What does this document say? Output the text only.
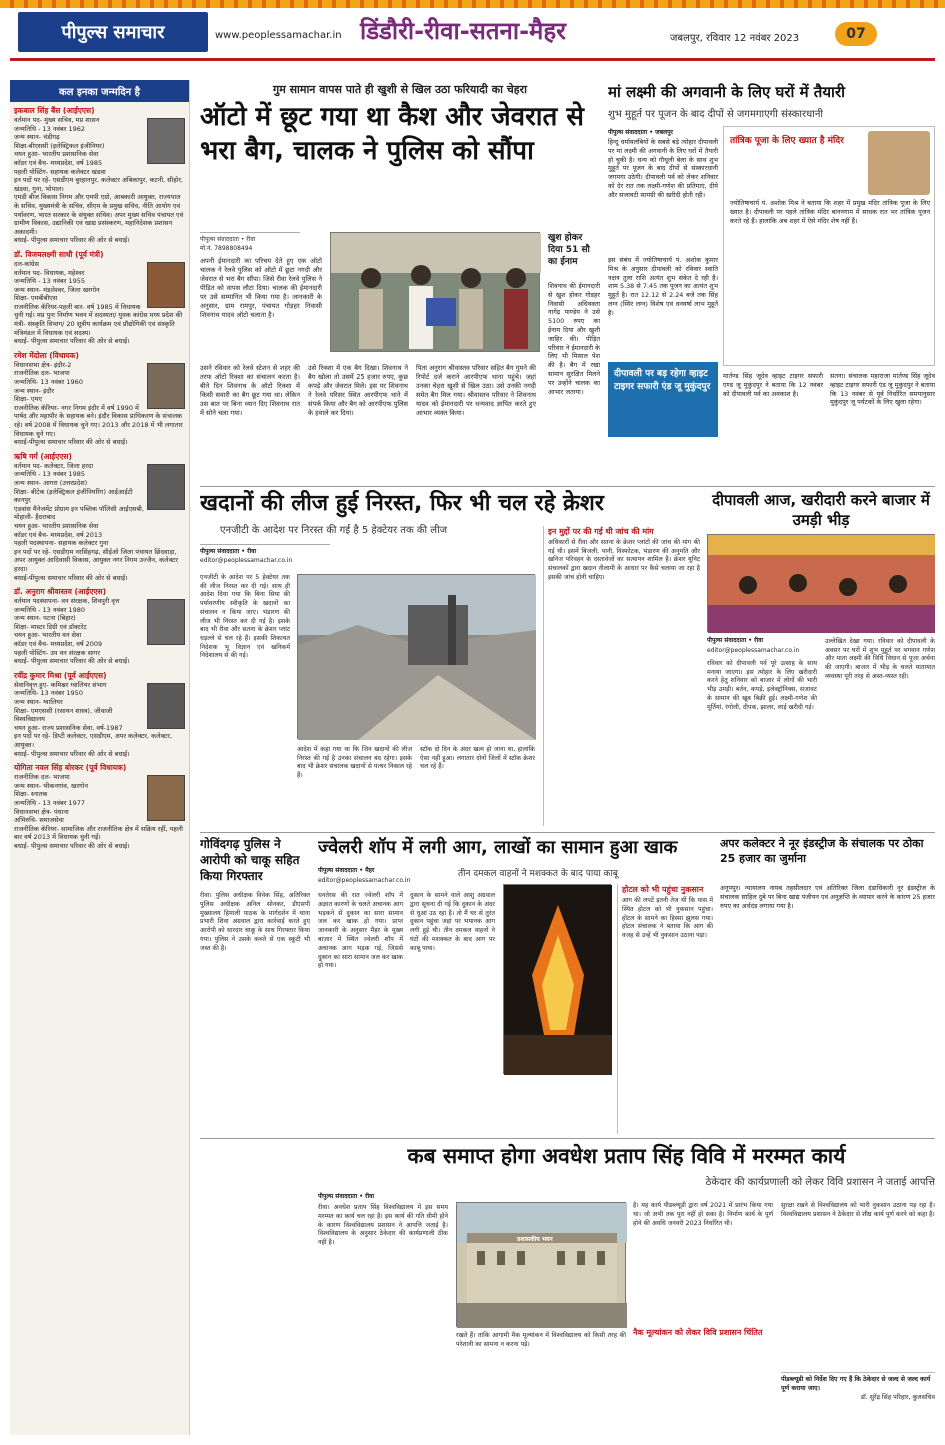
पीपुल्स समाचार	www.peoplessamachar.in डिंडौरी-रीवा-सतना-मैहर	जबलपुर, रविवार 12 नवंबर 2023	07
कल इनका जन्मदिन है
इकबाल सिंह बैंस (आईएएस)
वर्तमान पद- मुख्य सचिव, मप्र शासन
जन्मतिथि - 13 नवंबर 1962
जन्म स्थान- चंडीगढ़
शिक्षा-बीएससी (इलेक्ट्रिकल इंजीनियर)
चयन हुआ- भारतीय प्रशासनिक सेवा
कॉडर एवं बैच- मध्यप्रदेश, वर्ष 1985
पहली पोस्टिंग- सहायक कलेक्टर खंडवा
इन पदों पर रहे- एसडीएम बुरहानपुर, कलेक्टर अंबिकापुर, कटनी, सीहोर, खंडवा, गुना, भोपाल।
एमडी बीज विकास निगम और एमपी एग्रो, आबकारी आयुक्त, राज्यपाल के सचिव, मुख्यमंत्री के सचिव, सीएम के प्रमुख सचिव, नीति आयोग एवं पर्यावरण, भारत सरकार के संयुक्त सचिव। अपर मुख्य सचिव पंचायत एवं ग्रामीण विकास, उद्यानिकी एवं खाद्य प्रसंस्करण, महानिदेशक प्रशासन अकादमी।
बधाई- पीपुल्स समाचार परिवार की ओर से बधाई।
डॉ. विजयलक्ष्मी साधौ (पूर्व मंत्री)
दल-कांग्रेस
वर्तमान पद- विधायक, महेश्वर
जन्मतिथि - 13 नवंबर 1955
जन्म स्थान- मंडलेश्वर, जिला खरगोन
शिक्षा- एमबीबीएस
राजनीतिक कॅरियर-पहली बार- वर्ष 1985 में विधायक चुनी गई। मप्र पुनः निर्माण भवन में सदस्यता/ युवक कांग्रेस मध्य प्रदेश की मंत्री- संस्कृति विभाग/ 20 सूत्रीय कार्यक्रम एवं प्रौद्योगिकी एवं संस्कृति मंत्रिमंडल में विधायक एवं सदस्य।
बधाई- पीपुल्स समाचार परिवार की ओर से बधाई।
रमेश मेंदोला (विधायक)
विधानसभा क्षेत्र- इंदौर-2
राजनीतिक दल- भाजपा
जन्मतिथि- 13 नवंबर 1960
जन्म स्थान- इंदौर
शिक्षा- एमए
राजनीतिक कॅरियर- नगर निगम इंदौर में वर्ष 1990 में पार्षद और महापौर के सहायक बने। इंदौर विकास प्राधिकरण के संचालक रहे। वर्ष 2008 में विधायक चुने गए। 2013 और 2018 में भी लगातार विधायक चुने गए।
बधाई-पीपुल्स समाचार परिवार की ओर से बधाई।
ऋषि गर्ग (आईएएस)
वर्तमान पद- कलेक्टर, जिला हरदा
जन्मतिथि - 13 नवंबर 1985
जन्म स्थान- आगरा (उत्तरप्रदेश)
शिक्षा- बीटेक (इलेक्ट्रिकल इंजीनियरिंग) आईआईटी कानपुर
एडवांस मैनेजमेंट प्रोग्राम इन पब्लिक पॉलिसी आईएसबी, मोहाली- हैदराबाद
चयन हुआ- भारतीय प्रशासनिक सेवा
कॉडर एवं बैच- मध्यप्रदेश, वर्ष 2013
पहली पदस्थापना- सहायक कलेक्टर गुना
इन पदों पर रहे- एसडीएम नरसिंहगढ़, सीईओ जिला पंचायत छिंदवाड़ा, अपर आयुक्त आदिवासी विकास, आयुक्त नगर निगम उज्जैन, कलेक्टर हरदा।
बधाई-पीपुल्स समाचार परिवार की ओर से बधाई।
डॉ. अनुराग श्रीवास्तव (आईएएस)
वर्तमान पदस्थापना- वन संरक्षक, शिवपुरी वृत्त
जन्मतिथि - 13 नवंबर 1980
जन्म स्थान- पटना (बिहार)
शिक्षा- मास्टर डिग्री एवं डॉक्टरेट
चयन हुआ- भारतीय वन सेवा
कॉडर एवं बैच- मध्यप्रदेश, वर्ष 2009
पहली पोस्टिंग- उप वन संरक्षक सागर
बधाई- पीपुल्स समाचार परिवार की ओर से बधाई।
रवींद्र कुमार मिश्रा (पूर्व आईएएस)
सेवानिवृत्त हुए- कमिश्नर ग्वालियर संभाग
जन्मतिथि- 13 नवंबर 1950
जन्म स्थान- ग्वालियर
शिक्षा- एमएससी (रसायन शास्त्र), जीवाजी विश्वविद्यालय
चयन हुआ- राज्य प्रशासनिक सेवा, वर्ष-1987
इन पदों पर रहे- डिप्टी कलेक्टर, एसडीएम, अपर कलेक्टर, कलेक्टर, आयुक्त।
बधाई- पीपुल्स समाचार परिवार की ओर से बधाई।
योगिता नवल सिंह बोरकर (पूर्व विधायक)
राजनीतिक दल- भाजपा
जन्म स्थान- भीकनगांव, खरगोन
शिक्षा- स्नातक
जन्मतिथि - 13 नवंबर 1977
विधानसभा क्षेत्र- पंधाना
अभिरुचि- समाजसेवा
राजनीतिक कॅरियर- सामाजिक और राजनीतिक क्षेत्र में सक्रिय रहीं, पहली बार वर्ष 2013 में विधायक चुनी गईं।
बधाई- पीपुल्स समाचार परिवार की ओर से बधाई।
गुम सामान वापस पाते ही खुशी से खिल उठा फरियादी का चेहरा
ऑटो में छूट गया था कैश और जेवरात से भरा बैग, चालक ने पुलिस को सौंपा
पीपुल्स संवाददाता • रीवा
मो.नं. 7898808494
अपनी ईमानदारी का परिचय देते हुए एक ऑटो चालक ने रेलवे पुलिस को ऑटो में छूटा नगदी और जेवरात से भरा बैग सौंपा। जिसे रीवा रेलवे पुलिस ने पीड़ित को वापस लौटा दिया। चालक की ईमानदारी पर उसे सम्मानित भी किया गया है। जानकारी के अनुसार, ग्राम रामपुर, पंचायत गोड़हर निवासी शिवनाथ यादव ऑटो चलाता है।
उसने रविवार को रेलवे स्टेशन से शहर की तरफ ऑटो रिक्शा का संचालन करता है। बीते दिन शिवनाथ के ऑटो रिक्शा में किसी सवारी का बैग छूट गया था। लेकिन उस बात पर बिना ध्यान दिए शिवनाथ रात में सोने चला गया।
उसे रिक्शा में एक बैग दिखा। शिवनाथ ने बैग खोला तो उसमें 25 हजार रुपए, कुछ कपड़े और जेवरात मिले। इस पर शिवनाथ ने रेलवे परिसर स्थित आरपीएफ थाने में संपर्क किया और बैग को आरपीएफ पुलिस के हवाले कर दिया।
पिता अनुराग श्रीवास्तव परिवार सहित बैग गुमने की रिपोर्ट दर्ज कराने आरपीएफ थाना पहुंचे। जहां उनका चेहरा खुशी से खिल उठा। उसे उनकी नगदी समेत बैग मिल गया। श्रीवास्तव परिवार ने शिवनाथ यादव को ईमानदारी पर धन्यवाद ज्ञापित करते हुए आभार व्यक्त किया।
खुश होकर दिया 51 सौ का ईनाम
शिवनाथ की ईमानदारी से खुश होकर गोडहर निवासी अधिवक्ता नागेंद्र पाण्डेय ने उसे 5100 रुपए का ईनाम दिया और खुशी जाहिर की। पीड़ित परिवार ने ईमानदारी के लिए भी मिसाल पेश की है। बैग में रखा सामान सुरक्षित मिलने पर उन्होंने चालक का आभार जताया।
मां लक्ष्मी की अगवानी के लिए घरों में तैयारी
शुभ मुहूर्त पर पूजन के बाद दीपों से जगमगाएगी संस्कारधानी
पीपुल्स संवाददाता • जबलपुर
हिन्दू धर्मावलंबियों के सबसे बड़े त्योहार दीपावली पर मां लक्ष्मी की अगवानी के लिए घरों में तैयारी हो चुकी है। धन्य को गौधूली बेला के साथ शुभ मुहूर्त पर पूजन के बाद दीपों से संस्कारधानी जगमगा उठेगी। दीपावली पर्व को लेकर शनिवार को देर रात तक लक्ष्मी-गणेश की प्रतिमाएं, दीये और सजावटी सामग्री की खरीदी होती रही।
इस संबंध में ज्योतिषाचार्य पं. अशोक कुमार मिश्र के अनुसार दीपावली को रविवार स्वाति नक्षत्र तुला राशि अत्यंत शुभ संकेत दे रही है। शाम 5.38 से 7.45 तक पूजन का अत्यंत शुभ मुहूर्त है। रात 12.12 से 2.24 बजे तक सिंह लग्न (स्थिर लग्न) विशेष एवं धनवर्षा लाभ मुहूर्त है।
तांत्रिक पूजा के लिए ख्यात है मंदिर
ज्योतिषाचार्य पं. अशोक मिश्र ने बताया कि शहर में प्रमुख मंदिर तांत्रिक पूजा के लिए ख्यात है। दीपावली पर पहले तांत्रिक मंदिर बाननगाम में साधक रात भर तांत्रिक पूजन करते रहे हैं। हालांकि अब शहर में ऐसे मंदिर शेष नहीं हैं।
दीपावली पर बड़ रहेगा व्हाइट टाइगर सफारी एंड जू मुकुंदपुर
मार्तण्ड सिंह जूदेव व्हाइट टाइगर सफारी एण्ड जू मुकुंदपुर ने बताया कि 12 नवंबर को दीपावली पर्व का अवकाश है।
सतना। संचालक महाराजा मार्तण्ड सिंह जूदेव व्हाइट टाइगर सफारी एंड जू मुकुंदपुर ने बताया कि 13 नवंबर से पूर्व निर्धारित समयानुसार मुकुंदपुर जू पर्यटकों के लिए खुला रहेगा।
खदानों की लीज हुई निरस्त, फिर भी चल रहे क्रेशर
एनजीटी के आदेश पर निरस्त की गई है 5 हेक्टेयर तक की लीज
पीपुल्स संवाददाता • रीवा
editor@peoplessamachar.co.in
एनजीटी के आदेश पर 5 हेक्टेयर तक की लीज निरस्त कर दी गई। साथ ही आदेश दिया गया कि बिना सिया की पर्यावरणीय स्वीकृति के खदानों का संचालन न किया जाए। भंडारण की लीज भी निरस्त कर दी गई है। इसके बाद भी रीवा और सतना के क्रेशर प्लांट धड़ल्ले से चल रहे हैं। इसकी शिकायत निदेशक भू विज्ञान एवं खनिकर्म निदेशालय से की गई।
आदेश में कहा गया था कि जिन खदानों की लीज निरस्त की गई है उनका संचालन बंद रहेगा। इसके बाद भी क्रेशर संचालक खदानों से पत्थर निकाल रहे हैं।
स्टॉक दो दिन के अंदर खत्म हो जाना था, हालांकि ऐसा नहीं हुआ। लगातार दोनों जिलों में स्टॉक क्रेशर चल रहे हैं।
इन मुद्दों पर की गई थी जांच की मांग
अधिकारों से रीवा और सतना के क्रेशर प्लांटों की जांच की मांग की गई थी। इसमें बिजली, पानी, विस्फोटक, भंडारण की अनुमति और खनिज परिवहन के दस्तावेजों का सत्यापन शामिल है। क्रेशर यूनिट संचालकों द्वारा खदान नीलामी के आधार पर कैसे चलाया जा रहा है इसकी जांच होनी चाहिए।
दीपावली आज, खरीदारी करने बाजार में उमड़ी भीड़
पीपुल्स संवाददाता • रीवा
editor@peoplessamachar.co.in
रविवार को दीपावली पर्व पूरे उत्साह के साथ मनाया जाएगा। इस त्योहार के लिए खरीदारी करने हेतु शनिवार को बाजार में लोगों की भारी भीड़ उमड़ी। बर्तन, कपड़े, इलेक्ट्रॉनिक्स, सजावट के सामान की खूब बिक्री हुई। लक्ष्मी-गणेश की मूर्तियां, रंगोली, दीपक, झालर, लाई खरीदी गई।
उल्लेखित देखा गया। रविवार को दीपावली के अवसर पर घरों में शुभ मुहूर्त पर भगवान गणेश और माता लक्ष्मी की विधि विधान से पूजा अर्चना की जाएगी। बाजार में भीड़ के चलते यातायात व्यवस्था पूरी तरह से अस्त-व्यस्त रही।
गोविंदगढ़ पुलिस ने आरोपी को चाकू सहित किया गिरफ्तार
रीवा। पुलिस अधीक्षक विवेक सिंह, अतिरिक्त पुलिस अधीक्षक अनिल सोनकर, डीएसपी मुख्यालय हिमाली पाठक के मार्गदर्शन में थाना प्रभारी शिवा अग्रवाल द्वारा कार्रवाई करते हुए आरोपी को धारदार चाकू के साथ गिरफ्तार किया गया। पुलिस ने उसके कब्जे से एक स्कूटी भी जब्त की है।
ज्वेलरी शॉप में लगी आग, लाखों का सामान हुआ खाक
पीपुल्स संवाददाता • मैहर
editor@peoplessamachar.co.in
तीन दमकल वाहनों ने मशक्कत के बाद पाया काबू
धनतेरस की रात ज्वेलरी शॉप में अज्ञात कारणों के चलते अचानक आग भड़कने से दुकान का सारा सामान जल कर खाक हो गया। प्राप्त जानकारी के अनुसार मैहर के मुख्य बाजार में स्थित ज्वेलरी शॉप में अचानक आग भड़क गई, जिससे दुकान का सारा सामान जल कर खाक हो गया।
दुकान के सामने वाले आशु अग्रवाल द्वारा सूचना दी गई कि दुकान के अंदर से धुआं उठ रहा है। तो मैं घर से तुरंत दुकान पहुंचा जहां पर भयानक आग लगी हुई थी। तीन दमकल वाहनों ने घंटों की मशक्कत के बाद आग पर काबू पाया।
होटल को भी पहुंचा नुकसान
आग की लपटें इतनी तेज थीं कि पास में स्थित होटल को भी नुकसान पहुंचा। होटल के सामने का हिस्सा झुलस गया। होटल संचालक ने बताया कि आग की वजह से उन्हें भी नुकसान उठाना पड़ा।
अपर कलेक्टर ने नूर इंडस्ट्रीज के संचालक पर ठोका 25 हजार का जुर्माना
अनूपपुर। न्यायालय नायब तहसीलदार एवं अतिरिक्त जिला दंडाधिकारी नूर इंडस्ट्रीज के संचालक साहिल दुबे पर बिना खाद्य पंजीयन एवं अनुज्ञप्ति के व्यापार करने के कारण 25 हजार रुपए का अर्थदंड लगाया गया है।
कब समाप्त होगा अवधेश प्रताप सिंह विवि में मरम्मत कार्य
ठेकेदार की कार्यप्रणाली को लेकर विवि प्रशासन ने जताई आपत्ति
पीपुल्स संवाददाता • रीवा
रीवा। अवधेश प्रताप सिंह विश्वविद्यालय में इस समय मरम्मत का कार्य चल रहा है। इस कार्य की गति धीमी होने के कारण विश्वविद्यालय प्रशासन ने आपत्ति जताई है। विश्वविद्यालय के अनुसार ठेकेदार की कार्यप्रणाली ठीक नहीं है।	प्रशासकीय भवन
रखते हैं। ताकि आगामी मैक मूल्यांकन में विश्वविद्यालय को किसी तरह की परेशानी का सामना न करना पड़े।
है। यह कार्य पीडब्ल्यूडी द्वारा वर्ष 2021 में प्रारंभ किया गया था। जो अभी तक पूरा नहीं हो सका है। निर्माण कार्य के पूर्ण होने की अवधि जनवरी 2023 निर्धारित थी।
नैक मूल्यांकन को लेकर विवि प्रशासन चिंतित
सुरक्षा रखने से विश्वविद्यालय को भारी नुकसान उठाना पड़ रहा है। विश्वविद्यालय प्रशासन ने ठेकेदार से शीघ्र कार्य पूर्ण करने को कहा है।
पीडब्ल्यूडी को निर्देश दिए गए हैं कि ठेकेदार से जल्द से जल्द कार्य पूर्ण कराया जाए।
डॉ. सुरेंद्र सिंह परिहार, कुलसचिव
